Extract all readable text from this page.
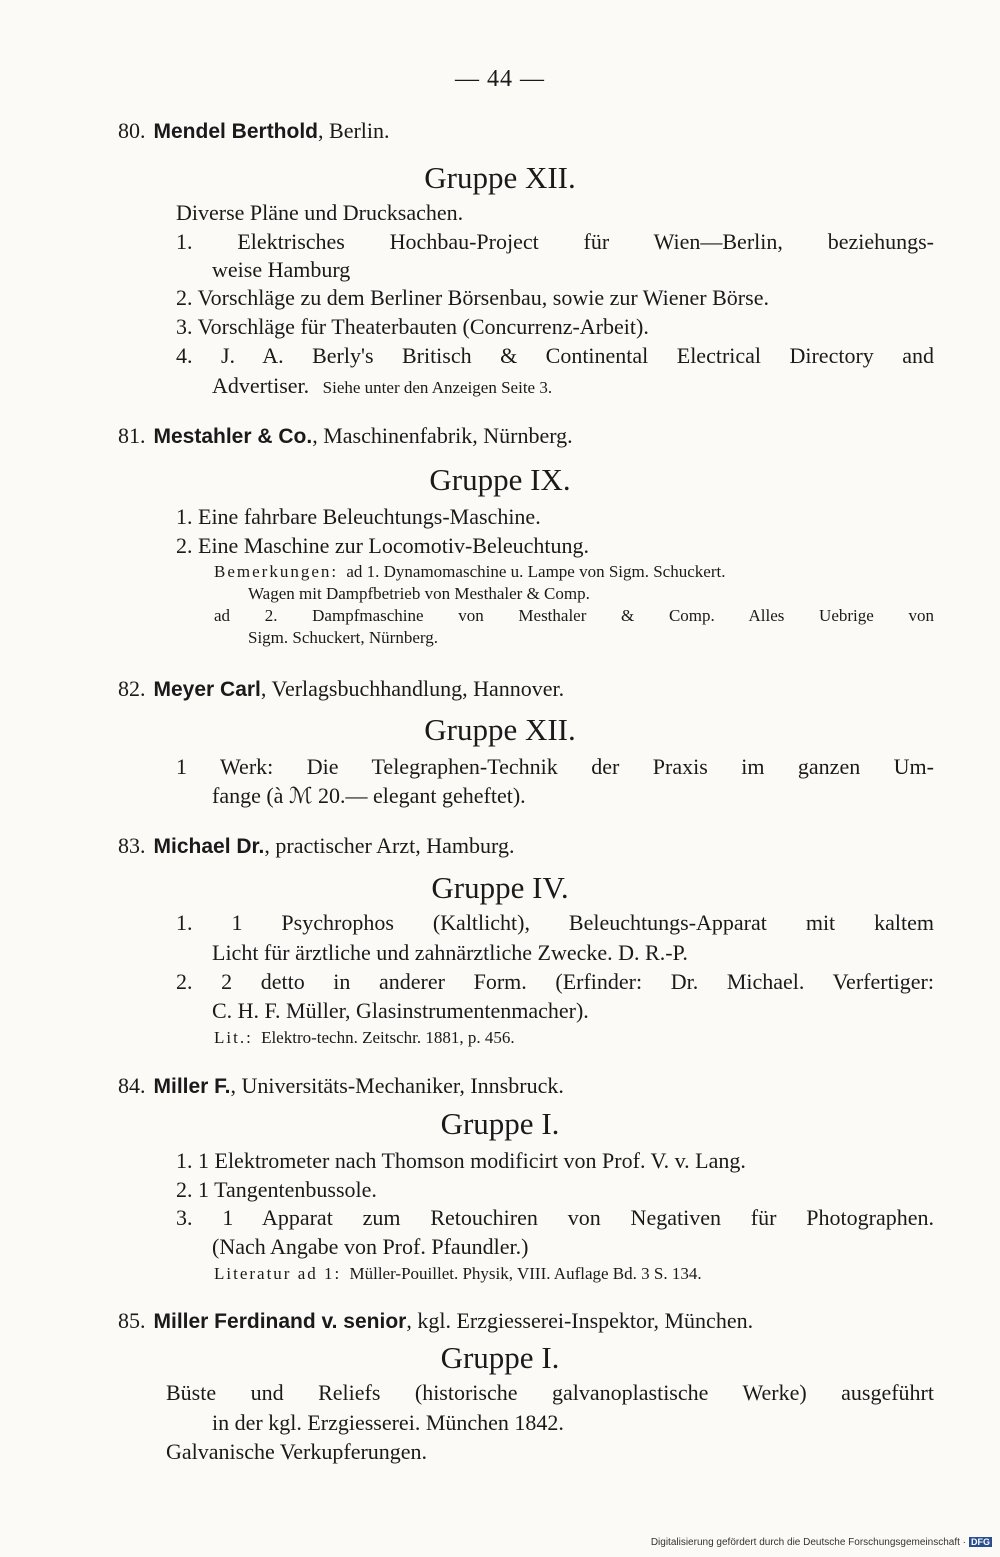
— 44 —
80. Mendel Berthold, Berlin.
Gruppe XII.
Diverse Pläne und Drucksachen.
1. Elektrisches Hochbau-Project für Wien—Berlin, beziehungs-
weise Hamburg
2. Vorschläge zu dem Berliner Börsenbau, sowie zur Wiener Börse.
3. Vorschläge für Theaterbauten (Concurrenz-Arbeit).
4. J. A. Berly's Britisch & Continental Electrical Directory and
Advertiser. Siehe unter den Anzeigen Seite 3.
81. Mestahler & Co., Maschinenfabrik, Nürnberg.
Gruppe IX.
1. Eine fahrbare Beleuchtungs-Maschine.
2. Eine Maschine zur Locomotiv-Beleuchtung.
Bemerkungen: ad 1. Dynamomaschine u. Lampe von Sigm. Schuckert.
Wagen mit Dampfbetrieb von Mesthaler & Comp.
ad 2. Dampfmaschine von Mesthaler & Comp. Alles Uebrige von
Sigm. Schuckert, Nürnberg.
82. Meyer Carl, Verlagsbuchhandlung, Hannover.
Gruppe XII.
1 Werk: Die Telegraphen-Technik der Praxis im ganzen Um-
fange (à ℳ 20.— elegant geheftet).
83. Michael Dr., practischer Arzt, Hamburg.
Gruppe IV.
1. 1 Psychrophos (Kaltlicht), Beleuchtungs-Apparat mit kaltem
Licht für ärztliche und zahnärztliche Zwecke. D. R.-P.
2. 2 detto in anderer Form. (Erfinder: Dr. Michael. Verfertiger:
C. H. F. Müller, Glasinstrumentenmacher).
Lit.: Elektro-techn. Zeitschr. 1881, p. 456.
84. Miller F., Universitäts-Mechaniker, Innsbruck.
Gruppe I.
1. 1 Elektrometer nach Thomson modificirt von Prof. V. v. Lang.
2. 1 Tangentenbussole.
3. 1 Apparat zum Retouchiren von Negativen für Photographen.
(Nach Angabe von Prof. Pfaundler.)
Literatur ad 1: Müller-Pouillet. Physik, VIII. Auflage Bd. 3 S. 134.
85. Miller Ferdinand v. senior, kgl. Erzgiesserei-Inspektor, München.
Gruppe I.
Büste und Reliefs (historische galvanoplastische Werke) ausgeführt
in der kgl. Erzgiesserei. München 1842.
Galvanische Verkupferungen.
Digitalisierung gefördert durch die Deutsche Forschungsgemeinschaft · DFG
